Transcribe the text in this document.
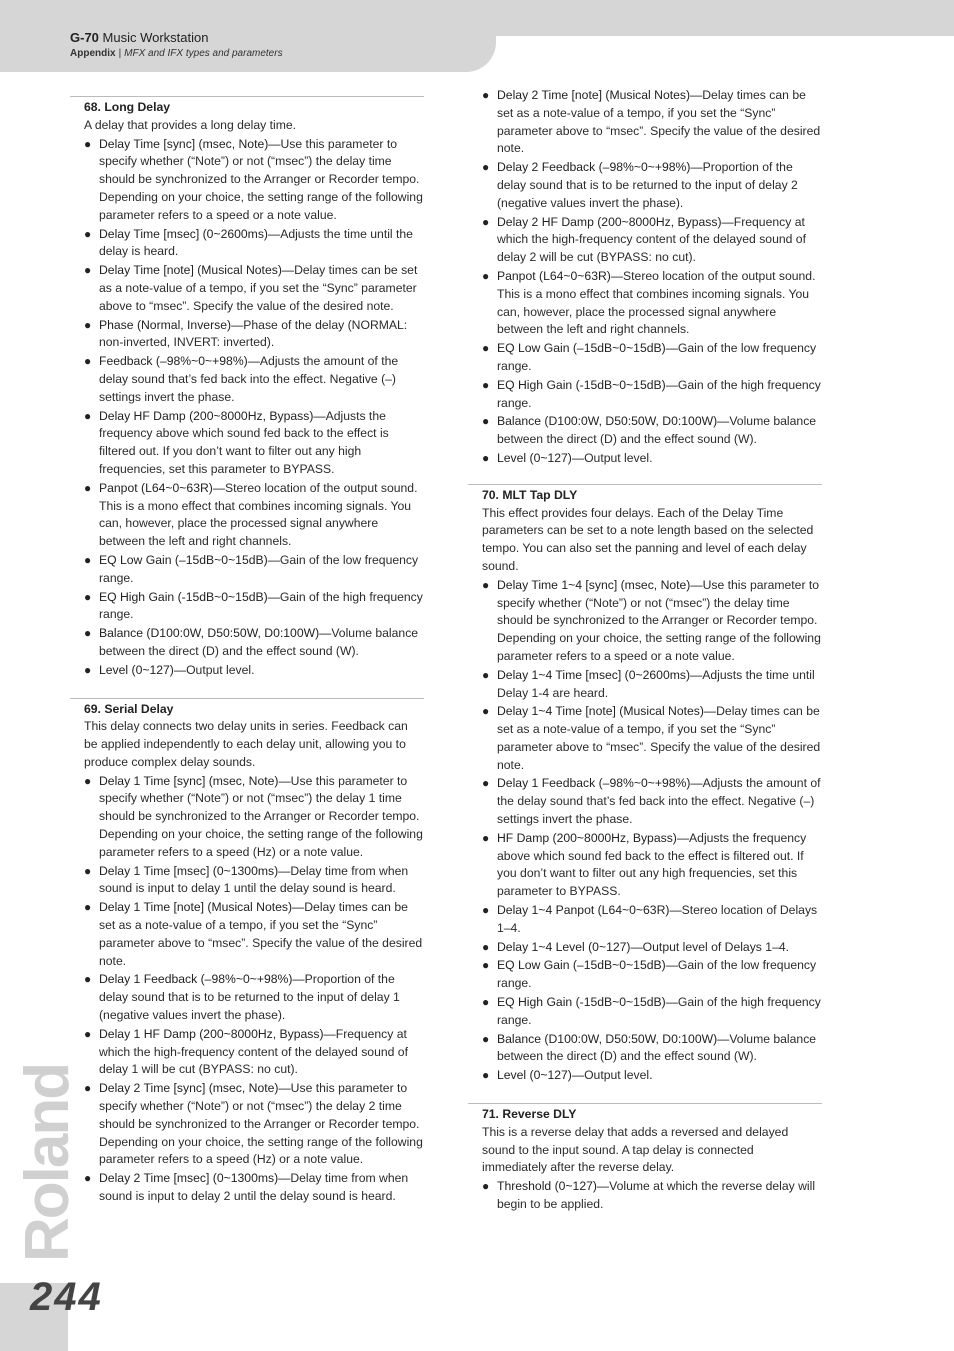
G-70 Music Workstation
Appendix | MFX and IFX types and parameters
68. Long Delay

A delay that provides a long delay time.

● Delay Time [sync] (msec, Note)—Use this parameter to specify whether (“Note”) or not (“msec”) the delay time should be synchronized to the Arranger or Recorder tempo. Depending on your choice, the setting range of the following parameter refers to a speed or a note value.
● Delay Time [msec] (0~2600ms)—Adjusts the time until the delay is heard.
● Delay Time [note] (Musical Notes)—Delay times can be set as a note-value of a tempo, if you set the “Sync” parameter above to “msec”. Specify the value of the desired note.
● Phase (Normal, Inverse)—Phase of the delay (NORMAL: non-inverted, INVERT: inverted).
● Feedback (–98%~0~+98%)—Adjusts the amount of the delay sound that’s fed back into the effect. Negative (–) settings invert the phase.
● Delay HF Damp (200~8000Hz, Bypass)—Adjusts the frequency above which sound fed back to the effect is filtered out. If you don’t want to filter out any high frequencies, set this parameter to BYPASS.
● Panpot (L64~0~63R)—Stereo location of the output sound. This is a mono effect that combines incoming signals. You can, however, place the processed signal anywhere between the left and right channels.
● EQ Low Gain (–15dB~0~15dB)—Gain of the low frequency range.
● EQ High Gain (-15dB~0~15dB)—Gain of the high frequency range.
● Balance (D100:0W, D50:50W, D0:100W)—Volume balance between the direct (D) and the effect sound (W).
● Level (0~127)—Output level.
69. Serial Delay

This delay connects two delay units in series. Feedback can be applied independently to each delay unit, allowing you to produce complex delay sounds.

● Delay 1 Time [sync] (msec, Note)—Use this parameter to specify whether (“Note”) or not (“msec”) the delay 1 time should be synchronized to the Arranger or Recorder tempo. Depending on your choice, the setting range of the following parameter refers to a speed (Hz) or a note value.
● Delay 1 Time [msec] (0~1300ms)—Delay time from when sound is input to delay 1 until the delay sound is heard.
● Delay 1 Time [note] (Musical Notes)—Delay times can be set as a note-value of a tempo, if you set the “Sync” parameter above to “msec”. Specify the value of the desired note.
● Delay 1 Feedback (–98%~0~+98%)—Proportion of the delay sound that is to be returned to the input of delay 1 (negative values invert the phase).
● Delay 1 HF Damp (200~8000Hz, Bypass)—Frequency at which the high-frequency content of the delayed sound of delay 1 will be cut (BYPASS: no cut).
● Delay 2 Time [sync] (msec, Note)—Use this parameter to specify whether (“Note”) or not (“msec”) the delay 2 time should be synchronized to the Arranger or Recorder tempo. Depending on your choice, the setting range of the following parameter refers to a speed (Hz) or a note value.
● Delay 2 Time [msec] (0~1300ms)—Delay time from when sound is input to delay 2 until the delay sound is heard.
● Delay 2 Time [note] (Musical Notes)—Delay times can be set as a note-value of a tempo, if you set the “Sync” parameter above to “msec”. Specify the value of the desired note.
● Delay 2 Feedback (–98%~0~+98%)—Proportion of the delay sound that is to be returned to the input of delay 2 (negative values invert the phase).
● Delay 2 HF Damp (200~8000Hz, Bypass)—Frequency at which the high-frequency content of the delayed sound of delay 2 will be cut (BYPASS: no cut).
● Panpot (L64~0~63R)—Stereo location of the output sound. This is a mono effect that combines incoming signals. You can, however, place the processed signal anywhere between the left and right channels.
● EQ Low Gain (–15dB~0~15dB)—Gain of the low frequency range.
● EQ High Gain (-15dB~0~15dB)—Gain of the high frequency range.
● Balance (D100:0W, D50:50W, D0:100W)—Volume balance between the direct (D) and the effect sound (W).
● Level (0~127)—Output level.
70. MLT Tap DLY

This effect provides four delays. Each of the Delay Time parameters can be set to a note length based on the selected tempo. You can also set the panning and level of each delay sound.

● Delay Time 1~4 [sync] (msec, Note)—Use this parameter to specify whether (“Note”) or not (“msec”) the delay time should be synchronized to the Arranger or Recorder tempo. Depending on your choice, the setting range of the following parameter refers to a speed or a note value.
● Delay 1~4 Time [msec] (0~2600ms)—Adjusts the time until Delay 1-4 are heard.
● Delay 1~4 Time [note] (Musical Notes)—Delay times can be set as a note-value of a tempo, if you set the “Sync” parameter above to “msec”. Specify the value of the desired note.
● Delay 1 Feedback (–98%~0~+98%)—Adjusts the amount of the delay sound that’s fed back into the effect. Negative (–) settings invert the phase.
● HF Damp (200~8000Hz, Bypass)—Adjusts the frequency above which sound fed back to the effect is filtered out. If you don’t want to filter out any high frequencies, set this parameter to BYPASS.
● Delay 1~4 Panpot (L64~0~63R)—Stereo location of Delays 1–4.
● Delay 1~4 Level (0~127)—Output level of Delays 1–4.
● EQ Low Gain (–15dB~0~15dB)—Gain of the low frequency range.
● EQ High Gain (-15dB~0~15dB)—Gain of the high frequency range.
● Balance (D100:0W, D50:50W, D0:100W)—Volume balance between the direct (D) and the effect sound (W).
● Level (0~127)—Output level.
71. Reverse DLY

This is a reverse delay that adds a reversed and delayed sound to the input sound. A tap delay is connected immediately after the reverse delay.

● Threshold (0~127)—Volume at which the reverse delay will begin to be applied.
Roland
244
